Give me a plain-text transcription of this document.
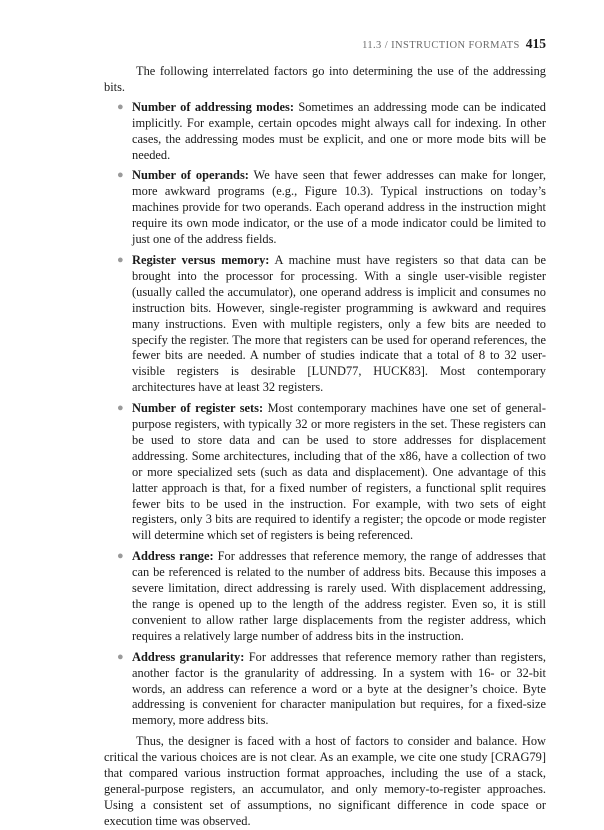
11.3 / INSTRUCTION FORMATS 415

The following interrelated factors go into determining the use of the addressing bits.

● Number of addressing modes: Sometimes an addressing mode can be indicated implicitly. For example, certain opcodes might always call for indexing. In other cases, the addressing modes must be explicit, and one or more mode bits will be needed.
● Number of operands: We have seen that fewer addresses can make for longer, more awkward programs (e.g., Figure 10.3). Typical instructions on today’s machines provide for two operands. Each operand address in the instruction might require its own mode indicator, or the use of a mode indicator could be limited to just one of the address fields.
● Register versus memory: A machine must have registers so that data can be brought into the processor for processing. With a single user-visible register (usually called the accumulator), one operand address is implicit and consumes no instruction bits. However, single-register programming is awkward and requires many instructions. Even with multiple registers, only a few bits are needed to specify the register. The more that registers can be used for operand references, the fewer bits are needed. A number of studies indicate that a total of 8 to 32 user-visible registers is desirable [LUND77, HUCK83]. Most contemporary architectures have at least 32 registers.
● Number of register sets: Most contemporary machines have one set of general-purpose registers, with typically 32 or more registers in the set. These registers can be used to store data and can be used to store addresses for displacement addressing. Some architectures, including that of the x86, have a collection of two or more specialized sets (such as data and displacement). One advantage of this latter approach is that, for a fixed number of registers, a functional split requires fewer bits to be used in the instruction. For example, with two sets of eight registers, only 3 bits are required to identify a register; the opcode or mode register will determine which set of registers is being referenced.
● Address range: For addresses that reference memory, the range of addresses that can be referenced is related to the number of address bits. Because this imposes a severe limitation, direct addressing is rarely used. With displacement addressing, the range is opened up to the length of the address register. Even so, it is still convenient to allow rather large displacements from the register address, which requires a relatively large number of address bits in the instruction.
● Address granularity: For addresses that reference memory rather than registers, another factor is the granularity of addressing. In a system with 16- or 32-bit words, an address can reference a word or a byte at the designer’s choice. Byte addressing is convenient for character manipulation but requires, for a fixed-size memory, more address bits.

Thus, the designer is faced with a host of factors to consider and balance. How critical the various choices are is not clear. As an example, we cite one study [CRAG79] that compared various instruction format approaches, including the use of a stack, general-purpose registers, an accumulator, and only memory-to-register approaches. Using a consistent set of assumptions, no significant difference in code space or execution time was observed.
